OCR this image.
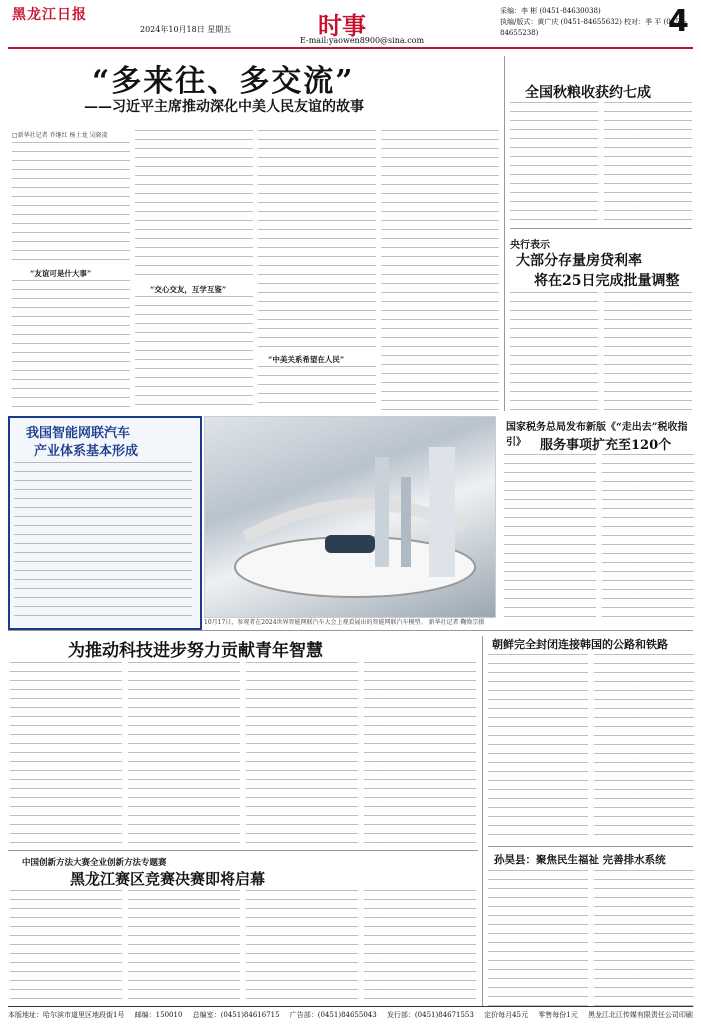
黑龙江日报
2024年10月18日 星期五	时事
E-mail:yaowen8900@sina.com
采编：李 彬 (0451-84630038)
执编/版式：黄广庆 (0451-84655632) 校对：季 平 (0451-84655238)	4
“多来往、多交流”
——习近平主席推动深化中美人民友谊的故事
□新华社记者 乔继红 杨士龙 吴晓凌
“友谊可是什大事”
“交心交友，互学互鉴”
“中美关系希望在人民”
全国秋粮收获约七成
央行表示
大部分存量房贷利率
将在25日完成批量调整
我国智能网联汽车
产业体系基本形成
10月17日，参观者在2024世界智能网联汽车大会上观看展出的智能网联汽车模型。 新华社记者 鞠焕宗摄
国家税务总局发布新版《“走出去”税收指引》	服务事项扩充至120个
为推动科技进步努力贡献青年智慧	朝鲜完全封闭连接韩国的公路和铁路
孙昊县：聚焦民生福祉 完善排水系统
中国创新方法大赛全业创新方法专题赛
黑龙江赛区竞赛决赛即将启幕
本版地址：哈尔滨市道里区地段街1号 邮编：150010 总编室：(0451)84616715 广告部：(0451)84655043 发行部：(0451)84671553 定价每月45元 零售每份1元 黑龙江北江传媒有限责任公司印刷
